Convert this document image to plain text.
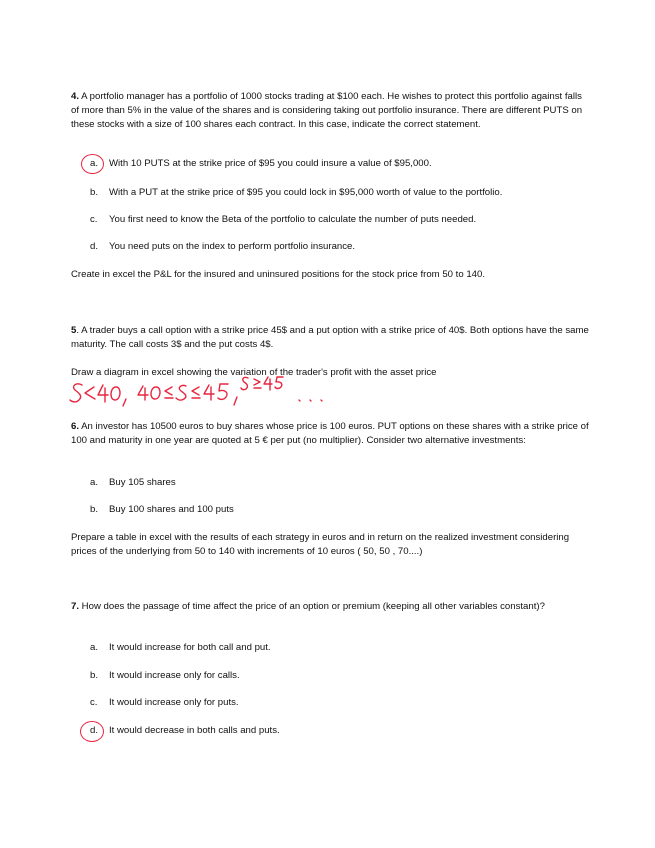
4. A portfolio manager has a portfolio of 1000 stocks trading at $100 each. He wishes to protect this portfolio against falls of more than 5% in the value of the shares and is considering taking out portfolio insurance. There are different PUTS on these stocks with a size of 100 shares each contract. In this case, indicate the correct statement.
a. With 10 PUTS at the strike price of $95 you could insure a value of $95,000.
b. With a PUT at the strike price of $95 you could lock in $95,000 worth of value to the portfolio.
c. You first need to know the Beta of the portfolio to calculate the number of puts needed.
d. You need puts on the index to perform portfolio insurance.
Create in excel the P&L for the insured and uninsured positions for the stock price from 50 to 140.
5. A trader buys a call option with a strike price 45$ and a put option with a strike price of 40$. Both options have the same maturity. The call costs 3$ and the put costs 4$.
Draw a diagram in excel showing the variation of the trader's profit with the asset price
6. An investor has 10500 euros to buy shares whose price is 100 euros. PUT options on these shares with a strike price of 100 and maturity in one year are quoted at 5 € per put (no multiplier). Consider two alternative investments:
a. Buy 105 shares
b. Buy 100 shares and 100 puts
Prepare a table in excel with the results of each strategy in euros and in return on the realized investment considering prices of the underlying from 50 to 140 with increments of 10 euros ( 50, 50 , 70....)
7. How does the passage of time affect the price of an option or premium (keeping all other variables constant)?
a. It would increase for both call and put.
b. It would increase only for calls.
c. It would increase only for puts.
d. It would decrease in both calls and puts.
